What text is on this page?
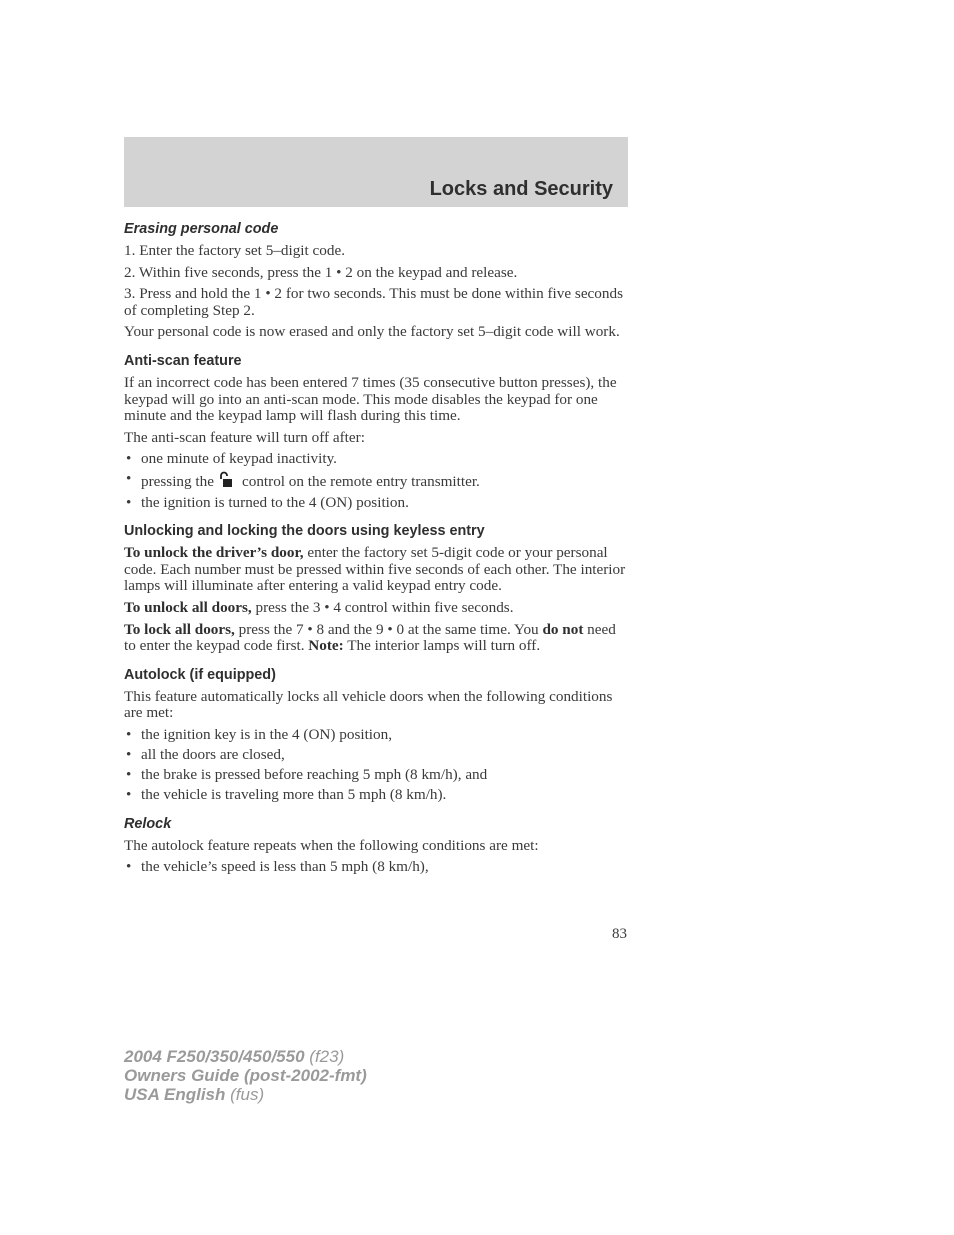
Locks and Security
Erasing personal code

1. Enter the factory set 5–digit code.

2. Within five seconds, press the 1 • 2 on the keypad and release.

3. Press and hold the 1 • 2 for two seconds. This must be done within five seconds of completing Step 2.

Your personal code is now erased and only the factory set 5–digit code will work.

Anti-scan feature

If an incorrect code has been entered 7 times (35 consecutive button presses), the keypad will go into an anti-scan mode. This mode disables the keypad for one minute and the keypad lamp will flash during this time.

The anti-scan feature will turn off after:

• one minute of keypad inactivity.
• pressing the control on the remote entry transmitter.
• the ignition is turned to the 4 (ON) position.
Unlocking and locking the doors using keyless entry

To unlock the driver’s door, enter the factory set 5-digit code or your personal code. Each number must be pressed within five seconds of each other. The interior lamps will illuminate after entering a valid keypad entry code.

To unlock all doors, press the 3 • 4 control within five seconds.

To lock all doors, press the 7 • 8 and the 9 • 0 at the same time. You do not need to enter the keypad code first. Note: The interior lamps will turn off.

Autolock (if equipped)

This feature automatically locks all vehicle doors when the following conditions are met:

• the ignition key is in the 4 (ON) position,
• all the doors are closed,
• the brake is pressed before reaching 5 mph (8 km/h), and
• the vehicle is traveling more than 5 mph (8 km/h).
Relock

The autolock feature repeats when the following conditions are met:

• the vehicle’s speed is less than 5 mph (8 km/h),
83
2004 F250/350/450/550 (f23)
Owners Guide (post-2002-fmt)
USA English (fus)
